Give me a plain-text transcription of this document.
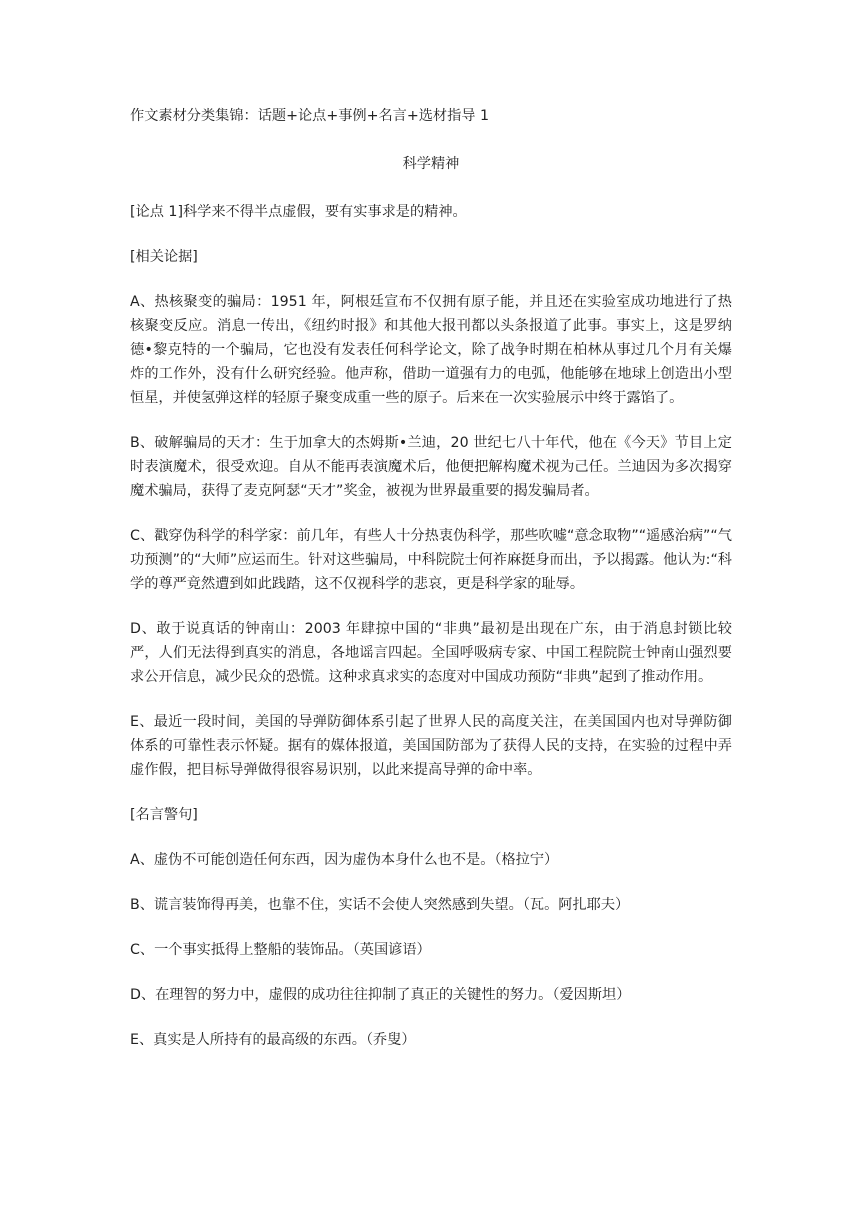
作文素材分类集锦：话题+论点+事例+名言+选材指导 1

科学精神

[论点 1]科学来不得半点虚假，要有实事求是的精神。

[相关论据]

A、热核聚变的骗局：1951 年，阿根廷宣布不仅拥有原子能，并且还在实验室成功地进行了热核聚变反应。消息一传出，《纽约时报》和其他大报刊都以头条报道了此事。事实上，这是罗纳德•黎克特的一个骗局，它也没有发表任何科学论文，除了战争时期在柏林从事过几个月有关爆炸的工作外，没有什么研究经验。他声称，借助一道强有力的电弧，他能够在地球上创造出小型恒星，并使氢弹这样的轻原子聚变成重一些的原子。后来在一次实验展示中终于露馅了。

B、破解骗局的天才：生于加拿大的杰姆斯•兰迪，20 世纪七八十年代，他在《今天》节目上定时表演魔术，很受欢迎。自从不能再表演魔术后，他便把解构魔术视为己任。兰迪因为多次揭穿魔术骗局，获得了麦克阿瑟“天才”奖金，被视为世界最重要的揭发骗局者。

C、戳穿伪科学的科学家：前几年，有些人十分热衷伪科学，那些吹嘘“意念取物”“遥感治病”“气功预测”的“大师”应运而生。针对这些骗局，中科院院士何祚麻挺身而出，予以揭露。他认为:“科学的尊严竟然遭到如此践踏，这不仅视科学的悲哀，更是科学家的耻辱。

D、敢于说真话的钟南山：2003 年肆掠中国的“非典”最初是出现在广东，由于消息封锁比较严，人们无法得到真实的消息，各地谣言四起。全国呼吸病专家、中国工程院院士钟南山强烈要求公开信息，减少民众的恐慌。这种求真求实的态度对中国成功预防“非典”起到了推动作用。

E、最近一段时间，美国的导弹防御体系引起了世界人民的高度关注，在美国国内也对导弹防御体系的可靠性表示怀疑。据有的媒体报道，美国国防部为了获得人民的支持，在实验的过程中弄虚作假，把目标导弹做得很容易识别，以此来提高导弹的命中率。

[名言警句]

A、虚伪不可能创造任何东西，因为虚伪本身什么也不是。（格拉宁）

B、谎言装饰得再美，也靠不住，实话不会使人突然感到失望。（瓦。阿扎耶夫）

C、一个事实抵得上整船的装饰品。（英国谚语）

D、在理智的努力中，虚假的成功往往抑制了真正的关键性的努力。（爱因斯坦）

E、真实是人所持有的最高级的东西。（乔叟）
